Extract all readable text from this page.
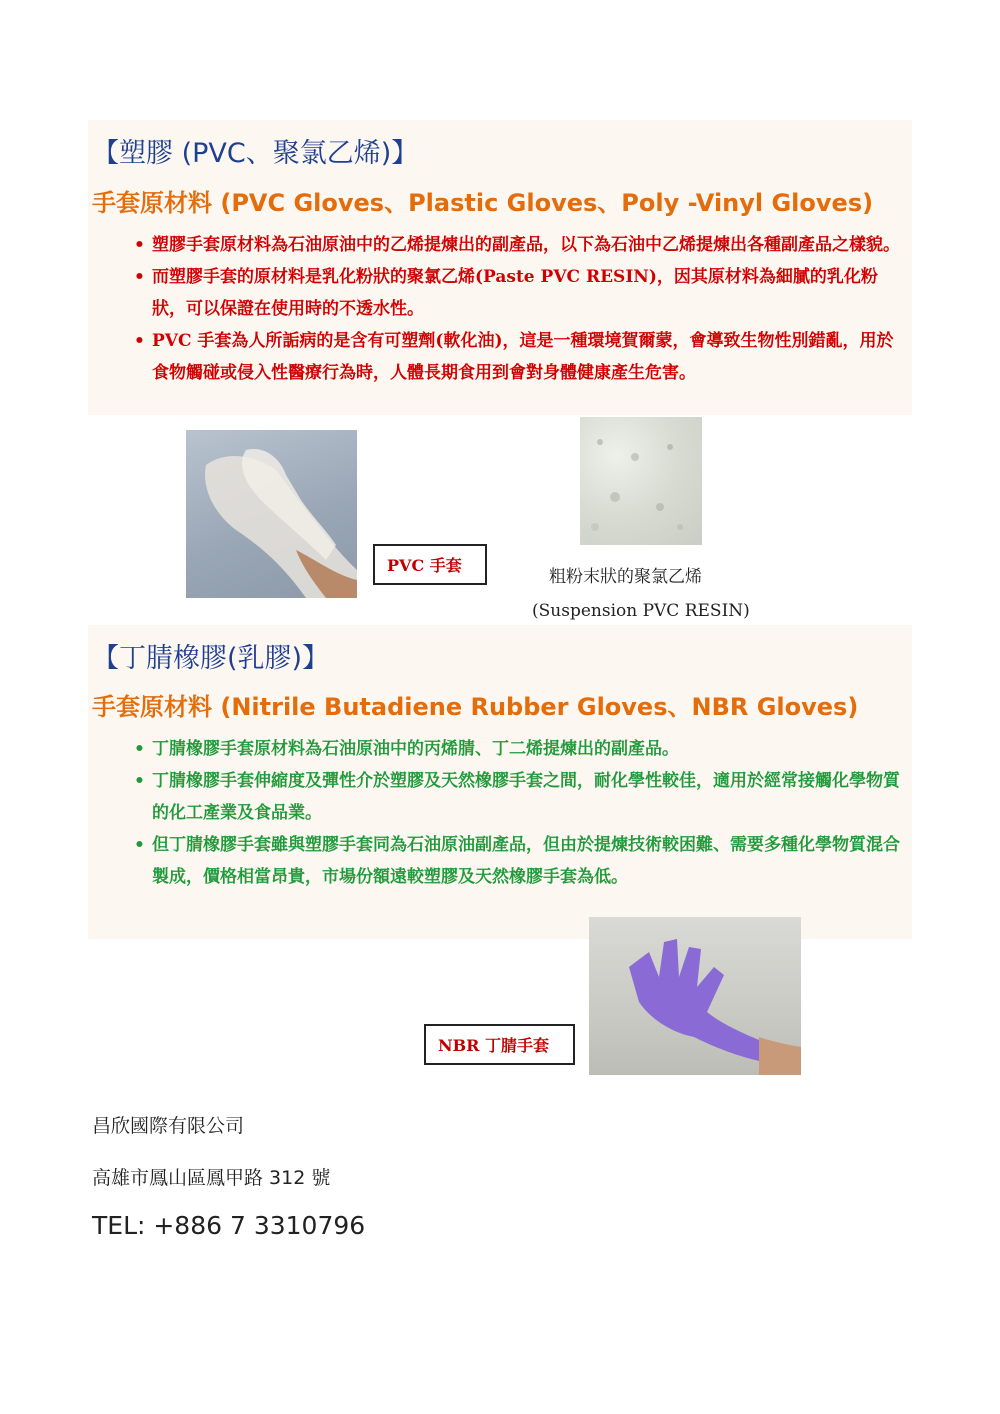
【塑膠 (PVC、聚氯乙烯)】
手套原材料 (PVC Gloves、Plastic Gloves、Poly -Vinyl Gloves)
• 塑膠手套原材料為石油原油中的乙烯提煉出的副產品，以下為石油中乙烯提煉出各種副產品之樣貌。
• 而塑膠手套的原材料是乳化粉狀的聚氯乙烯(Paste PVC RESIN)，因其原材料為細膩的乳化粉狀，可以保證在使用時的不透水性。
• PVC 手套為人所詬病的是含有可塑劑(軟化油)，這是一種環境賀爾蒙，會導致生物性別錯亂，用於食物觸碰或侵入性醫療行為時，人體長期食用到會對身體健康產生危害。
PVC 手套
粗粉末狀的聚氯乙烯
(Suspension PVC RESIN)
【丁腈橡膠(乳膠)】
手套原材料 (Nitrile Butadiene Rubber Gloves、NBR Gloves)
• 丁腈橡膠手套原材料為石油原油中的丙烯腈、丁二烯提煉出的副產品。
• 丁腈橡膠手套伸縮度及彈性介於塑膠及天然橡膠手套之間，耐化學性較佳，適用於經常接觸化學物質的化工產業及食品業。
• 但丁腈橡膠手套雖與塑膠手套同為石油原油副產品，但由於提煉技術較困難、需要多種化學物質混合製成，價格相當昂貴，市場份額遠較塑膠及天然橡膠手套為低。
NBR 丁腈手套
昌欣國際有限公司
高雄市鳳山區鳳甲路 312 號
TEL: +886 7 3310796
